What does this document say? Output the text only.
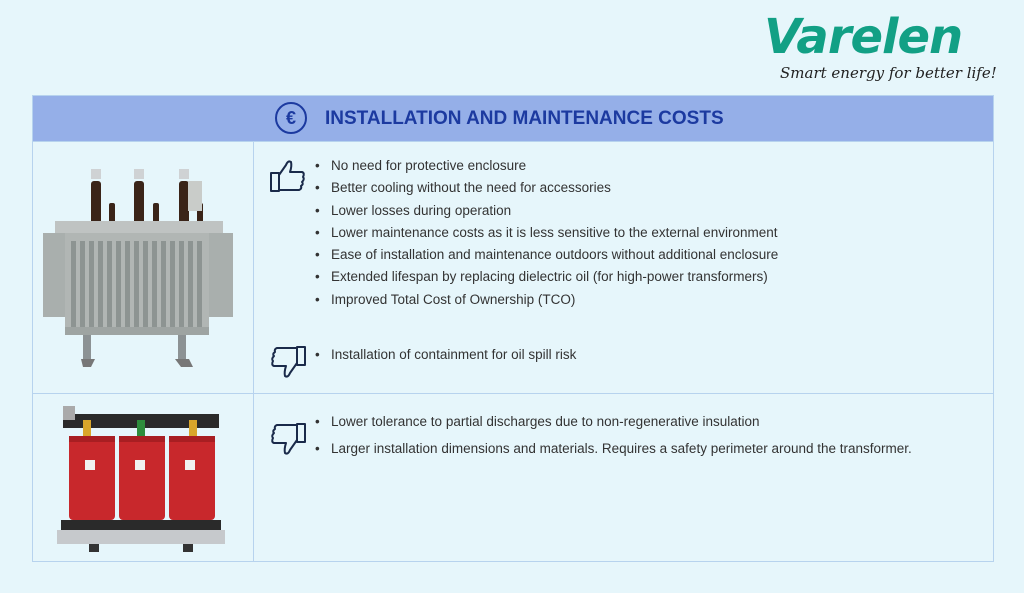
Varelen
Smart energy for better life!
€	INSTALLATION AND MAINTENANCE COSTS
• No need for protective enclosure
• Better cooling without the need for accessories
• Lower losses during operation
• Lower maintenance costs as it is less sensitive to the external environment
• Ease of installation and maintenance outdoors without additional enclosure
• Extended lifespan by replacing dielectric oil (for high-power transformers)
• Improved Total Cost of Ownership (TCO)
• Installation of containment for oil spill risk
• Lower tolerance to partial discharges due to non-regenerative insulation
• Larger installation dimensions and materials. Requires a safety perimeter around the transformer.
